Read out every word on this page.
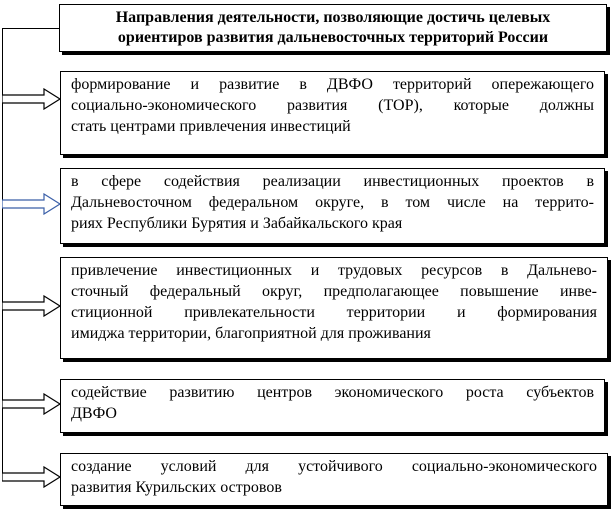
Направления деятельности, позволяющие достичь целевых
ориентиров развития дальневосточных территорий России
формирование и развитие в ДВФО территорий опережающего
социально-экономического развития (ТОР), которые должны
стать центрами привлечения инвестиций
в сфере содействия реализации инвестиционных проектов в
Дальневосточном федеральном округе, в том числе на террито-
риях Республики Бурятия и Забайкальского края
привлечение инвестиционных и трудовых ресурсов в Дальнево-
сточный федеральный округ, предполагающее повышение инве-
стиционной привлекательности территории и формирования
имиджа территории, благоприятной для проживания
содействие развитию центров экономического роста субъектов
ДВФО
создание условий для устойчивого социально-экономического
развития Курильских островов
